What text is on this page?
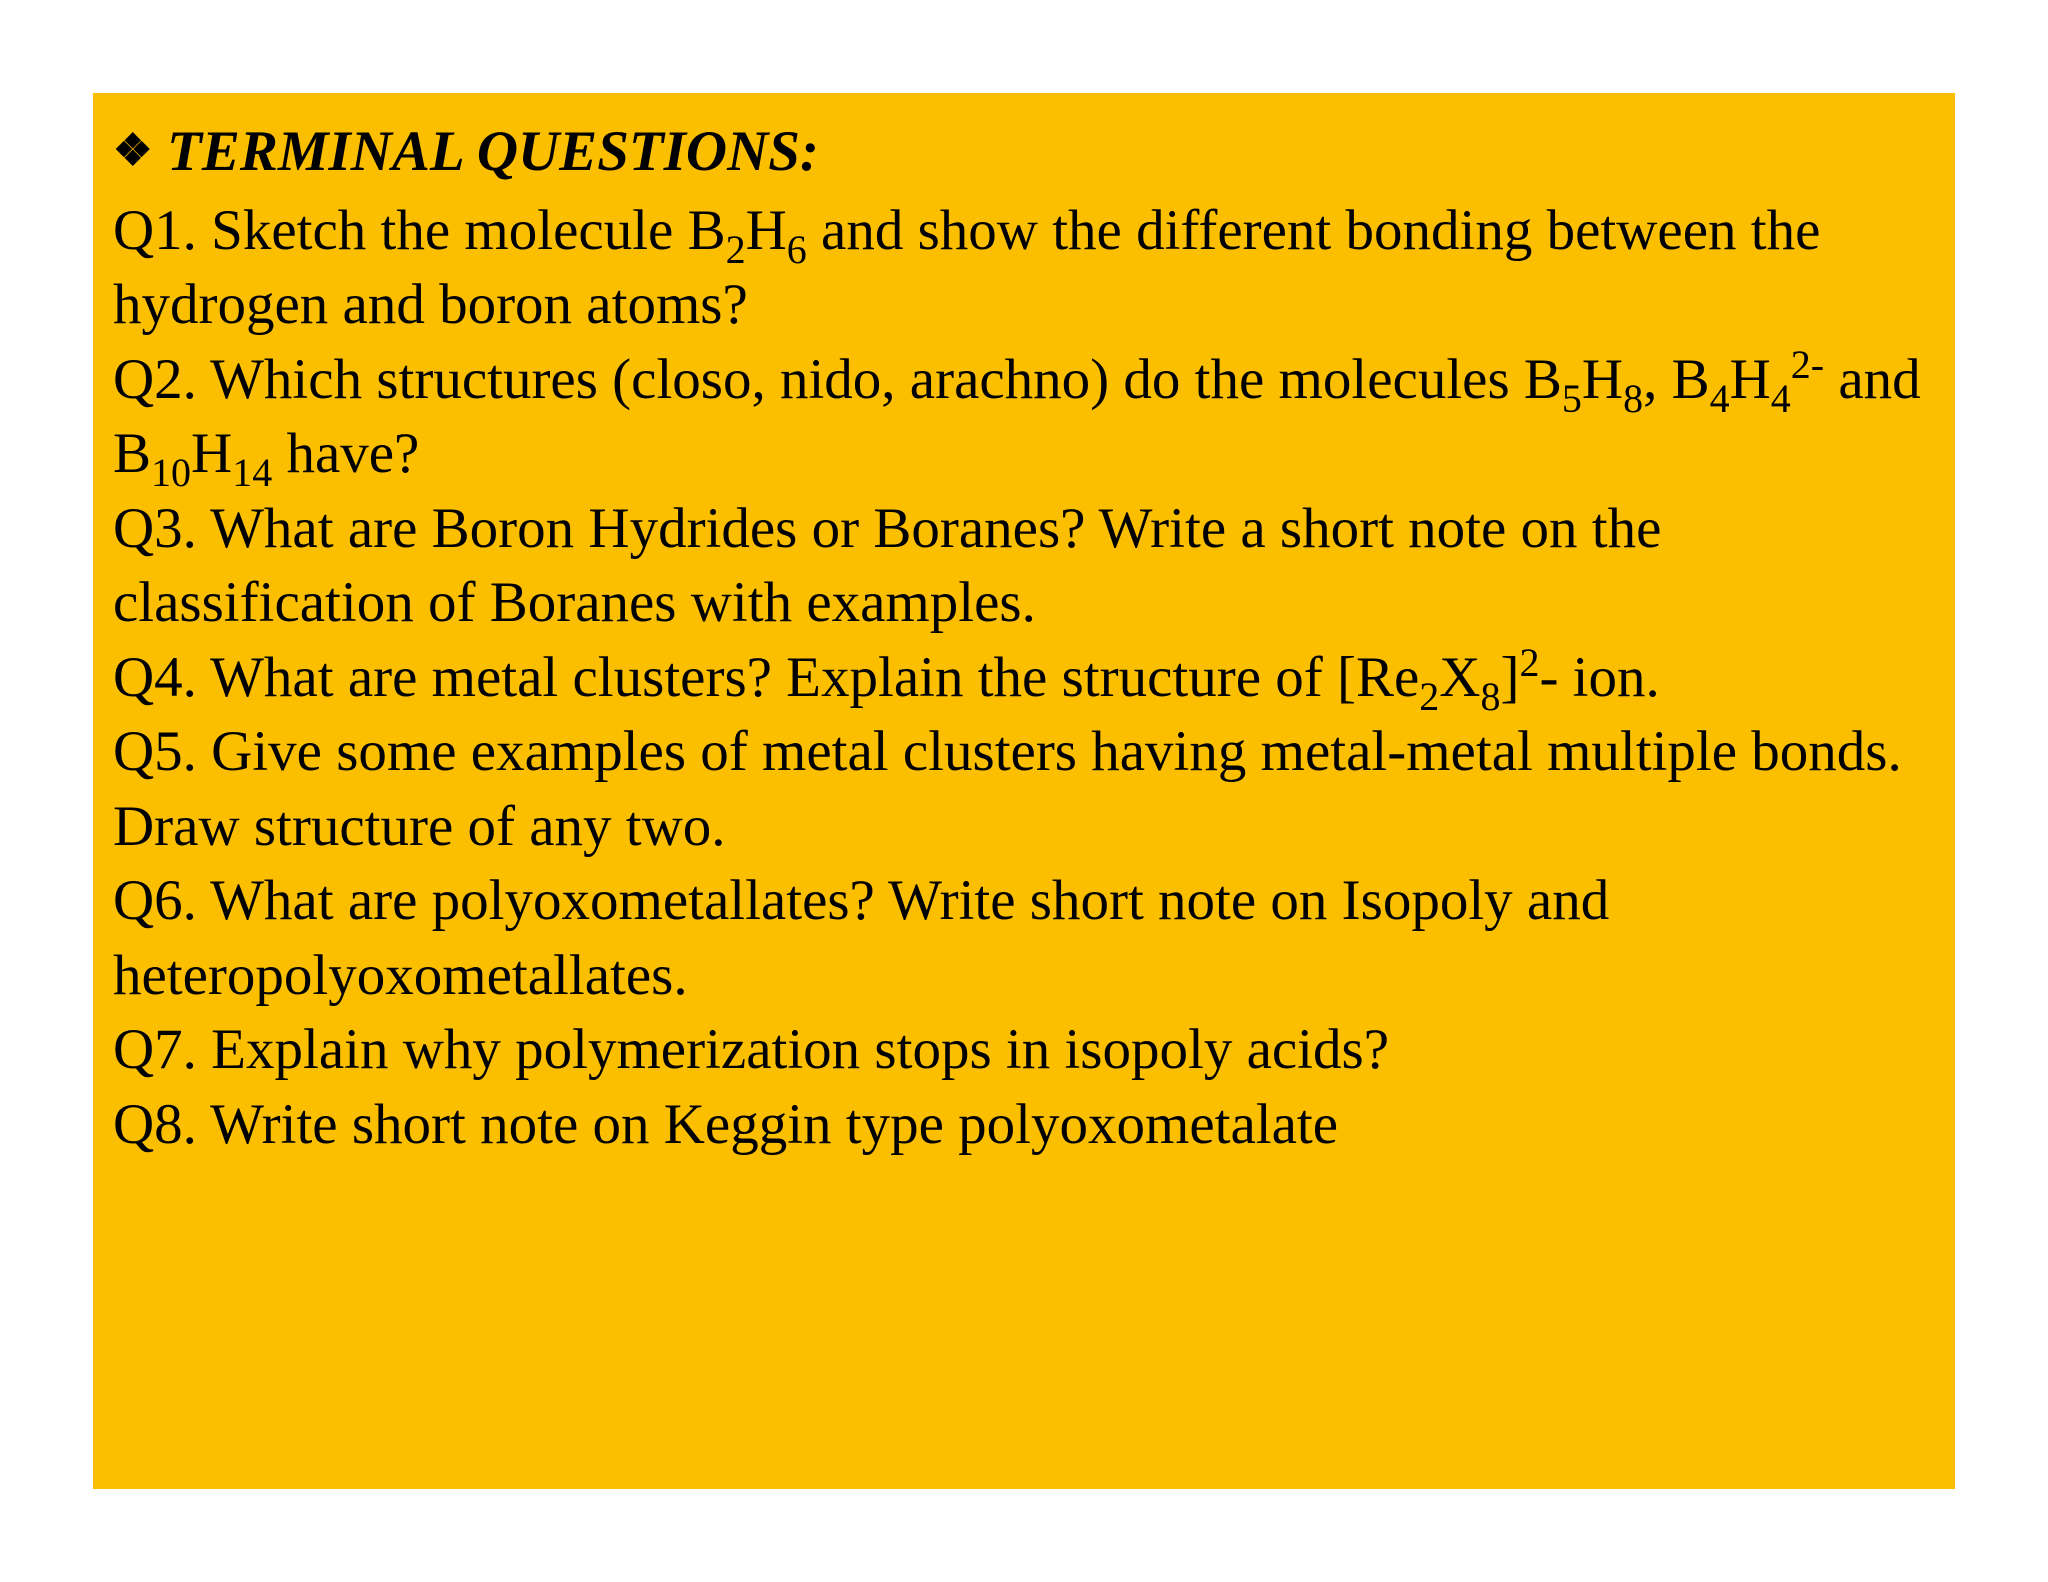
❖ TERMINAL QUESTIONS:
Q1. Sketch the molecule $B_2H_6$ and show the different bonding between the hydrogen and boron atoms?
Q2. Which structures (closo, nido, arachno) do the molecules $B_5H_8$, $B_4H_4^{2-}$ and $B_{10}H_{14}$ have?
Q3. What are Boron Hydrides or Boranes? Write a short note on the classification of Boranes with examples.
Q4. What are metal clusters? Explain the structure of $[Re_2X_8]^2-$ ion.
Q5. Give some examples of metal clusters having metal-metal multiple bonds. Draw structure of any two.
Q6. What are polyoxometallates? Write short note on Isopoly and heteropolyoxometallates.
Q7. Explain why polymerization stops in isopoly acids?
Q8. Write short note on Keggin type polyoxometalate
